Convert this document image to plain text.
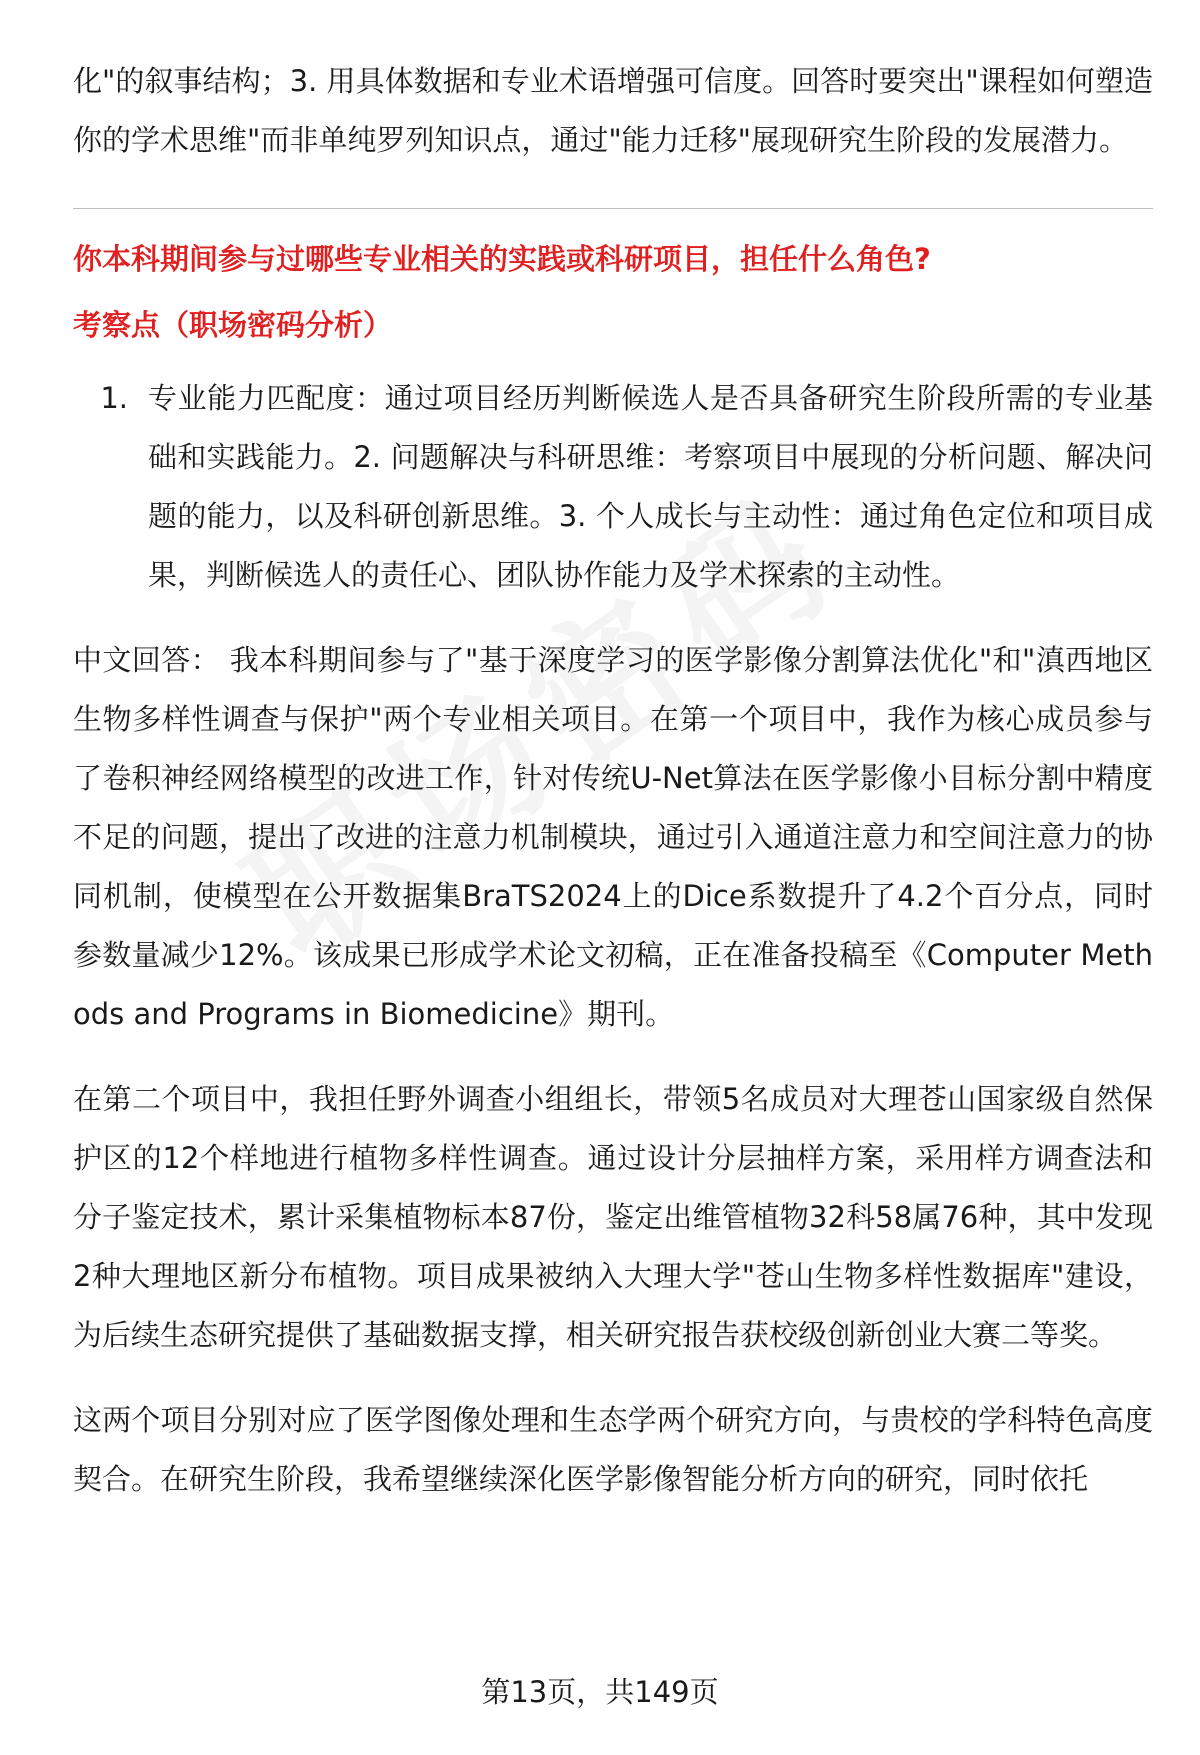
化"的叙事结构；3. 用具体数据和专业术语增强可信度。回答时要突出"课程如何塑造你的学术思维"而非单纯罗列知识点，通过"能力迁移"展现研究生阶段的发展潜力。

你本科期间参与过哪些专业相关的实践或科研项目，担任什么角色?

考察点（职场密码分析）

1. 专业能力匹配度：通过项目经历判断候选人是否具备研究生阶段所需的专业基础和实践能力。2. 问题解决与科研思维：考察项目中展现的分析问题、解决问题的能力，以及科研创新思维。3. 个人成长与主动性：通过角色定位和项目成果，判断候选人的责任心、团队协作能力及学术探索的主动性。

中文回答： 我本科期间参与了"基于深度学习的医学影像分割算法优化"和"滇西地区生物多样性调查与保护"两个专业相关项目。在第一个项目中，我作为核心成员参与了卷积神经网络模型的改进工作，针对传统U-Net算法在医学影像小目标分割中精度不足的问题，提出了改进的注意力机制模块，通过引入通道注意力和空间注意力的协同机制，使模型在公开数据集BraTS2024上的Dice系数提升了4.2个百分点，同时参数量减少12%。该成果已形成学术论文初稿，正在准备投稿至《Computer Methods and Programs in Biomedicine》期刊。

在第二个项目中，我担任野外调查小组组长，带领5名成员对大理苍山国家级自然保护区的12个样地进行植物多样性调查。通过设计分层抽样方案，采用样方调查法和分子鉴定技术，累计采集植物标本87份，鉴定出维管植物32科58属76种，其中发现2种大理地区新分布植物。项目成果被纳入大理大学"苍山生物多样性数据库"建设，为后续生态研究提供了基础数据支撑，相关研究报告获校级创新创业大赛二等奖。

这两个项目分别对应了医学图像处理和生态学两个研究方向，与贵校的学科特色高度契合。在研究生阶段，我希望继续深化医学影像智能分析方向的研究，同时依托

第13页，共149页
